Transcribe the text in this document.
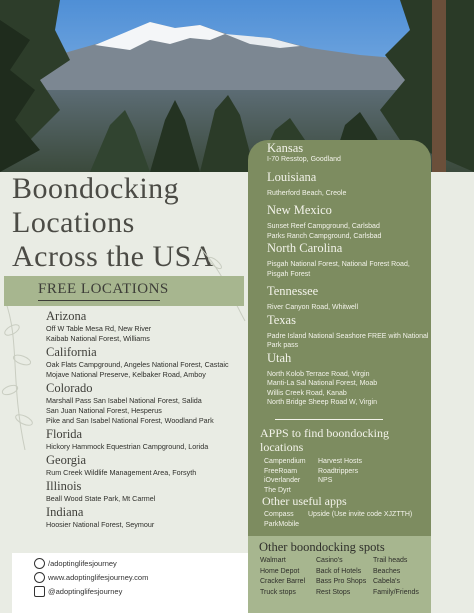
Boondocking
Locations
Across the USA
FREE LOCATIONS
Arizona
Off W Table Mesa Rd, New River
Kaibab National Forest, Williams
California
Oak Flats Campground, Angeles National Forest, Castaic
Mojave National Preserve, Kelbaker Road, Amboy
Colorado
Marshall Pass San Isabel National Forest, Salida
San Juan National Forest, Hesperus
Pike and San Isabel National Forest, Woodland Park
Florida
Hickory Hammock Equestrian Campground, Lorida
Georgia
Rum Creek Wildlife Management Area, Forsyth
Illinois
Beall Wood State Park, Mt Carmel
Indiana
Hoosier National Forest, Seymour
/adoptinglifesjourney
www.adoptinglifesjourney.com
@adoptinglifesjourney
Kansas
I-70 Resstop, Goodland
Louisiana
Rutherford Beach, Creole
New Mexico
Sunset Reef Campground, Carlsbad
Parks Ranch Campground, Carlsbad
North Carolina
Pisgah National Forest, National Forest Road, Pisgah Forest
Tennessee
River Canyon Road, Whitwell
Texas
Padre Island National Seashore FREE with National Park pass
Utah
North Kolob Terrace Road, Virgin
Manti-La Sal National Forest, Moab
Willis Creek Road, Kanab
North Bridge Sheep Road W, Virgin
APPS to find boondocking locations
Campendium
FreeRoam
iOverlander
The Dyrt
Harvest Hosts
Roadtrippers
NPS
Other useful apps
Compass
ParkMobile
Upside (Use invite code XJZTTH)
Other boondocking spots
Walmart
Home Depot
Cracker Barrel
Truck stops
Casino's
Back of Hotels
Bass Pro Shops
Rest Stops
Trail heads
Beaches
Cabela's
Family/Friends
